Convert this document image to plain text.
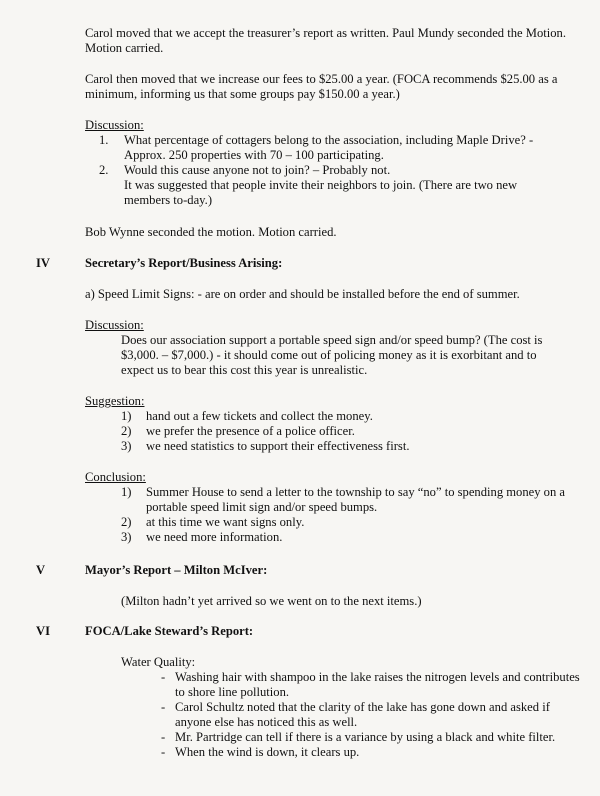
Carol moved that we accept the treasurer’s report as written. Paul Mundy seconded the Motion. Motion carried.
Carol then moved that we increase our fees to $25.00 a year. (FOCA recommends $25.00 as a minimum, informing us that some groups pay $150.00 a year.)
Discussion:
1. What percentage of cottagers belong to the association, including Maple Drive? - Approx. 250 properties with 70 – 100 participating.
2. Would this cause anyone not to join? – Probably not.
It was suggested that people invite their neighbors to join. (There are two new members to-day.)
Bob Wynne seconded the motion. Motion carried.
IV	Secretary’s Report/Business Arising:
a) Speed Limit Signs: - are on order and should be installed before the end of summer.
Discussion:
Does our association support a portable speed sign and/or speed bump? (The cost is $3,000. – $7,000.) - it should come out of policing money as it is exorbitant and to expect us to bear this cost this year is unrealistic.
Suggestion:
1) hand out a few tickets and collect the money.
2) we prefer the presence of a police officer.
3) we need statistics to support their effectiveness first.
Conclusion:
1) Summer House to send a letter to the township to say “no” to spending money on a portable speed limit sign and/or speed bumps.
2) at this time we want signs only.
3) we need more information.
V	Mayor’s Report – Milton McIver:
(Milton hadn’t yet arrived so we went on to the next items.)
VI	FOCA/Lake Steward’s Report:
Water Quality:
- Washing hair with shampoo in the lake raises the nitrogen levels and contributes to shore line pollution.
- Carol Schultz noted that the clarity of the lake has gone down and asked if anyone else has noticed this as well.
- Mr. Partridge can tell if there is a variance by using a black and white filter.
- When the wind is down, it clears up.
